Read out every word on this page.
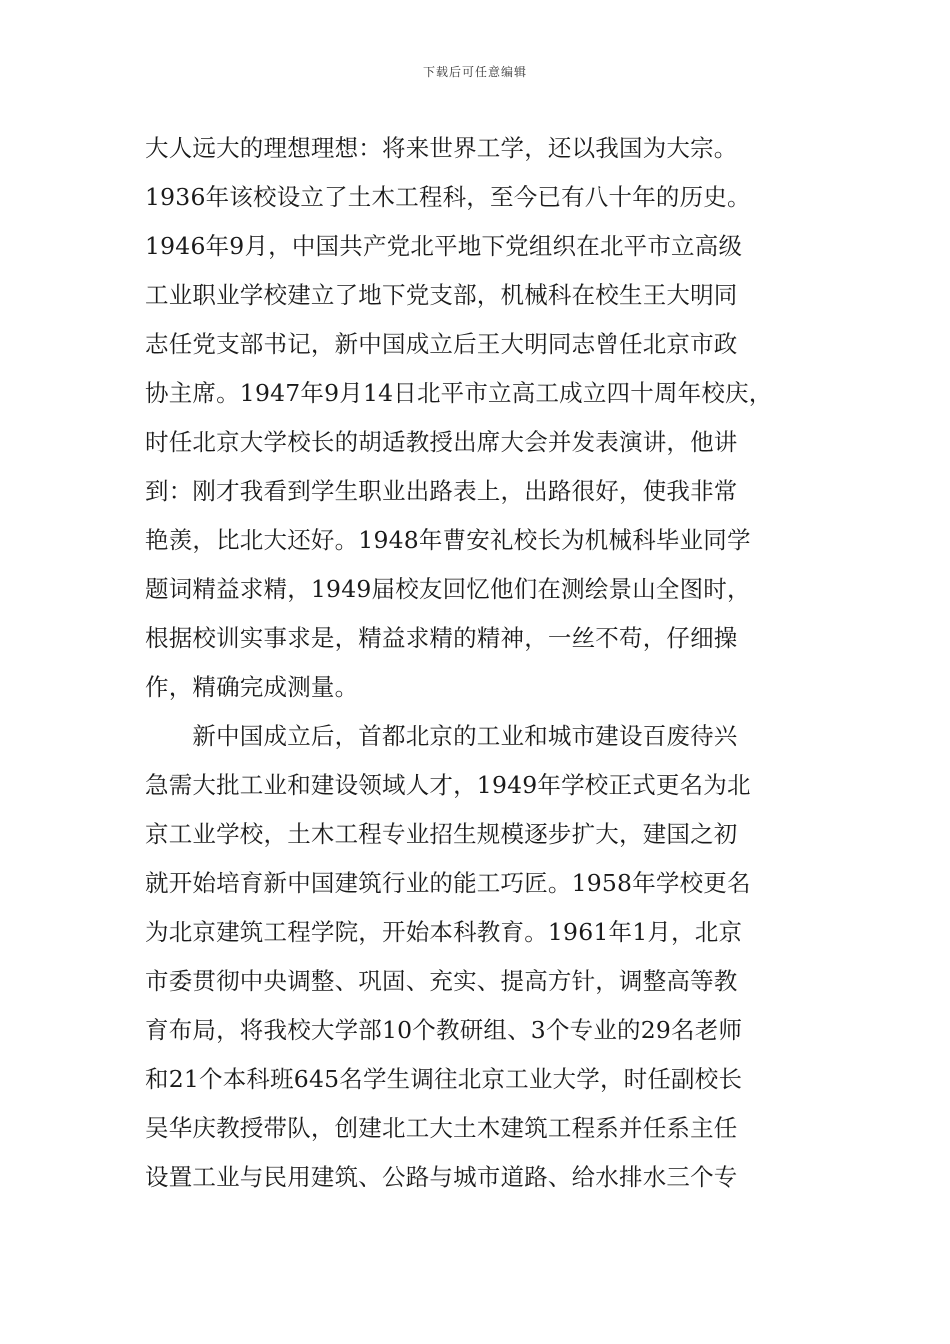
下载后可任意编辑
大人远大的理想理想：将来世界工学，还以我国为大宗。
1936年该校设立了土木工程科，至今已有八十年的历史。
1946年9月，中国共产党北平地下党组织在北平市立高级
工业职业学校建立了地下党支部，机械科在校生王大明同
志任党支部书记，新中国成立后王大明同志曾任北京市政
协主席。1947年9月14日北平市立高工成立四十周年校庆，
时任北京大学校长的胡适教授出席大会并发表演讲，他讲
到：刚才我看到学生职业出路表上，出路很好，使我非常
艳羡，比北大还好。1948年曹安礼校长为机械科毕业同学
题词精益求精，1949届校友回忆他们在测绘景山全图时，
根据校训实事求是，精益求精的精神，一丝不苟，仔细操
作，精确完成测量。
　　新中国成立后，首都北京的工业和城市建设百废待兴
急需大批工业和建设领域人才，1949年学校正式更名为北
京工业学校，土木工程专业招生规模逐步扩大，建国之初
就开始培育新中国建筑行业的能工巧匠。1958年学校更名
为北京建筑工程学院，开始本科教育。1961年1月，北京
市委贯彻中央调整、巩固、充实、提高方针，调整高等教
育布局，将我校大学部10个教研组、3个专业的29名老师
和21个本科班645名学生调往北京工业大学，时任副校长
吴华庆教授带队，创建北工大土木建筑工程系并任系主任
设置工业与民用建筑、公路与城市道路、给水排水三个专
